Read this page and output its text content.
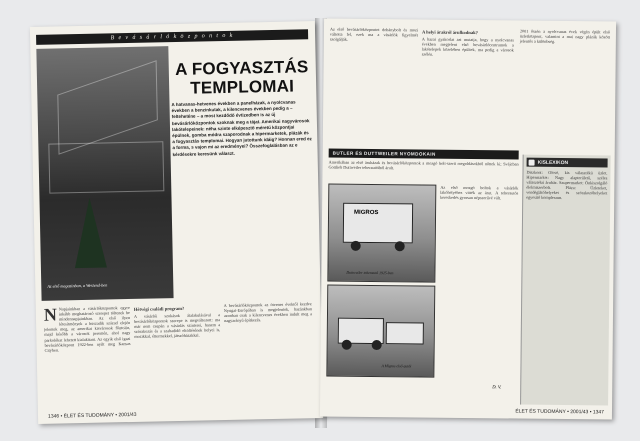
B e v á s á r l ó k ö z p o n t o k
Az első magazinban, a Westend-ben
A FOGYASZTÁS TEMPLOMAI
A hatvanas-hetvenes években a panelházak, a nyolcvanas években a benzinkutak, a kilencvenes években pedig a – felteheténe – a most kezdődő évtizedben is az új bevásárlóközpontok szoknak meg a tájat. Amerikai nagyvárosok lakótelepeinek: néha szinte elképesztő méretű központjai épülnek, gomba módra szaporodnak a hipermarketek, plázák és a fogyasztás templomai. Hogyan jutottunk idáig? Honnan ered ez a forma, s vajon mi az eredményei? Összefoglalásban az e kérdésekre keresünk választ.
N Napjainkban a vásárlóközpontok egyre inkább meghatározó szerepet töltenek be mindennapjainkban. Az első ilyen létesítmények a huszadik század elején jelentek meg, az amerikai kisvárosok főutcáin, majd később a városok peremén, ahol nagy parkolókat lehetett kialakítani. Az egyik első igazi bevásárlóközpont 1922-ben nyílt meg Kansas Cityben.
Hétvégi családi program?
A vásárlói szokások átalakulásával a bevásárlóközpontok szerepe is megváltozott: ma már nem csupán a vásárlás színterei, hanem a szórakozás és a szabadidő eltöltésének helyei is, mozikkal, éttermekkel, játszóházakkal.
A bevásárlóközpontok az ötvenes évektől kezdve Nyugat-Európában is megjelentek, hazánkban azonban csak a kilencvenes években indult meg a nagyarányú építkezés.
1346 • ÉLET ÉS TUDOMÁNY • 2001/43
Az első bevásárlóközpontot dohánybolt és mozi váltotta fel, ezek ma a vásárlók figyelmét szolgálják.
A helyi árakról árulkodnak?
A hazai gyakorlat azt mutatja, hogy a nyolcvanas években megjelent első bevásárlócentrumok a lakótelepek közelében épültek, ma pedig a városok szélén.
2001 őszén a nyolcvanas évek végén épült első üzletközpont, valamint a mai nagy plázák között jelentős a különbség.
BUTLER ÉS DUTTWEILER NYOMDOKAIN
Amerikában az első áruházak és bevásárlóközpontok a mozgó bolt-szerű megoldásokból nőttek ki; Svájcban Gottlieb Duttweiler teherautóiból árult.
MIGROS
Duttweiler teherautó 1925-ben
Az első mozgó boltok a vásárlók lakóhelyéhez vitték az árut. A teherautós kereskedés gyorsan népszerűvé vált.
A Migros első autói
KISLEXIKON
Diszkont: Olcsó, kis választékú üzlet. Hipermarket: Nagy alapterületű, széles választékú áruház. Szupermarket: Önkiszolgáló élelmiszerbolt. Pláza: Üzleteket, vendéglátóhelyeket és szórakozóhelyeket egyesítő komplexum.
D. V.
ÉLET ÉS TUDOMÁNY • 2001/43 • 1347
